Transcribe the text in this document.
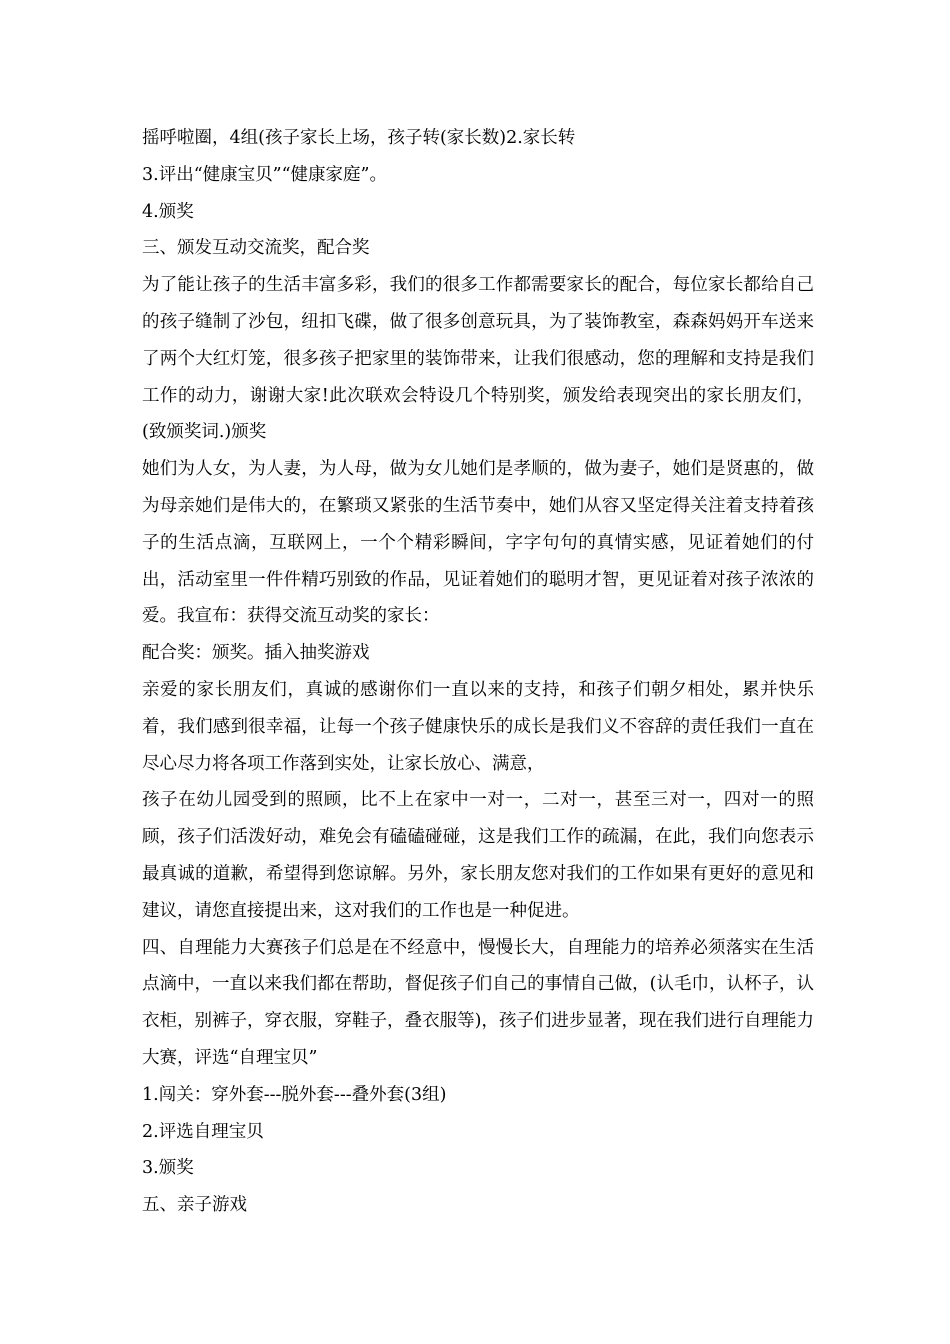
摇呼啦圈，4组(孩子家长上场，孩子转(家长数)2.家长转

3.评出“健康宝贝”“健康家庭”。

4.颁奖

三、颁发互动交流奖，配合奖

为了能让孩子的生活丰富多彩，我们的很多工作都需要家长的配合，每位家长都给自己的孩子缝制了沙包，纽扣飞碟，做了很多创意玩具，为了装饰教室，森森妈妈开车送来了两个大红灯笼，很多孩子把家里的装饰带来，让我们很感动，您的理解和支持是我们工作的动力，谢谢大家!此次联欢会特设几个特别奖，颁发给表现突出的家长朋友们，(致颁奖词.)颁奖

她们为人女，为人妻，为人母，做为女儿她们是孝顺的，做为妻子，她们是贤惠的，做为母亲她们是伟大的，在繁琐又紧张的生活节奏中，她们从容又坚定得关注着支持着孩子的生活点滴，互联网上，一个个精彩瞬间，字字句句的真情实感，见证着她们的付出，活动室里一件件精巧别致的作品，见证着她们的聪明才智，更见证着对孩子浓浓的爱。我宣布：获得交流互动奖的家长：

配合奖：颁奖。插入抽奖游戏

亲爱的家长朋友们，真诚的感谢你们一直以来的支持，和孩子们朝夕相处，累并快乐着，我们感到很幸福，让每一个孩子健康快乐的成长是我们义不容辞的责任我们一直在尽心尽力将各项工作落到实处，让家长放心、满意，

孩子在幼儿园受到的照顾，比不上在家中一对一，二对一，甚至三对一，四对一的照顾，孩子们活泼好动，难免会有磕磕碰碰，这是我们工作的疏漏，在此，我们向您表示最真诚的道歉，希望得到您谅解。另外，家长朋友您对我们的工作如果有更好的意见和建议，请您直接提出来，这对我们的工作也是一种促进。

四、自理能力大赛孩子们总是在不经意中，慢慢长大，自理能力的培养必须落实在生活点滴中，一直以来我们都在帮助，督促孩子们自己的事情自己做，(认毛巾，认杯子，认衣柜，别裤子，穿衣服，穿鞋子，叠衣服等)，孩子们进步显著，现在我们进行自理能力大赛，评选“自理宝贝”

1.闯关：穿外套---脱外套---叠外套(3组)

2.评选自理宝贝

3.颁奖

五、亲子游戏
